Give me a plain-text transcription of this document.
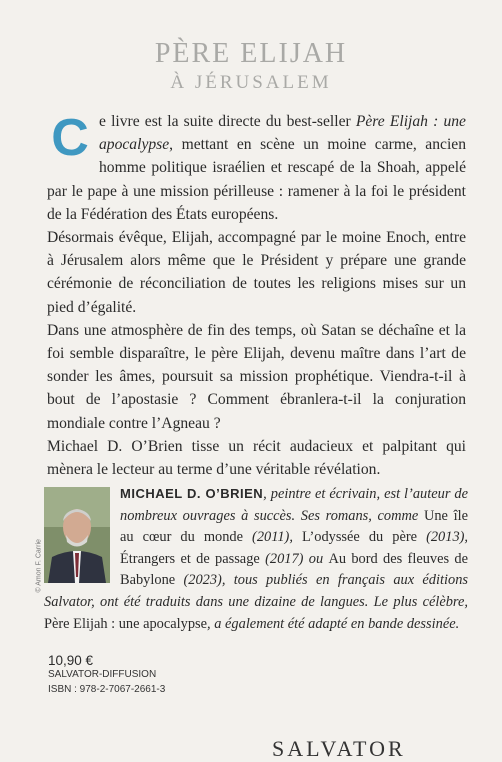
PÈRE ELIJAH
À JÉRUSALEM

C e livre est la suite directe du best-seller Père Elijah : une apocalypse, mettant en scène un moine carme, ancien homme politique israélien et rescapé de la Shoah, appelé par le pape à une mission périlleuse : ramener à la foi le président de la Fédération des États européens.

Désormais évêque, Elijah, accompagné par le moine Enoch, entre à Jérusalem alors même que le Président y prépare une grande cérémonie de réconciliation de toutes les religions mises sur un pied d’égalité.

Dans une atmosphère de fin des temps, où Satan se déchaîne et la foi semble disparaître, le père Elijah, devenu maître dans l’art de sonder les âmes, poursuit sa mission prophétique. Viendra-t-il à bout de l’apostasie ? Comment ébranlera-t-il la conjuration mondiale contre l’Agneau ?

Michael D. O’Brien tisse un récit audacieux et palpitant qui mènera le lecteur au terme d’une véritable révélation.

© Amon F. Carrie
MICHAEL D. O’BRIEN, peintre et écrivain, est l’auteur de nombreux ouvrages à succès. Ses romans, comme Une île au cœur du monde (2011), L’odyssée du père (2013), Étrangers et de passage (2017) ou Au bord des fleuves de Babylone (2023), tous publiés en français aux éditions Salvator, ont été traduits dans une dizaine de langues. Le plus célèbre, Père Elijah : une apocalypse, a également été adapté en bande dessinée.
10,90 €
SALVATOR-DIFFUSION
ISBN : 978-2-7067-2661-3
SALVATOR
